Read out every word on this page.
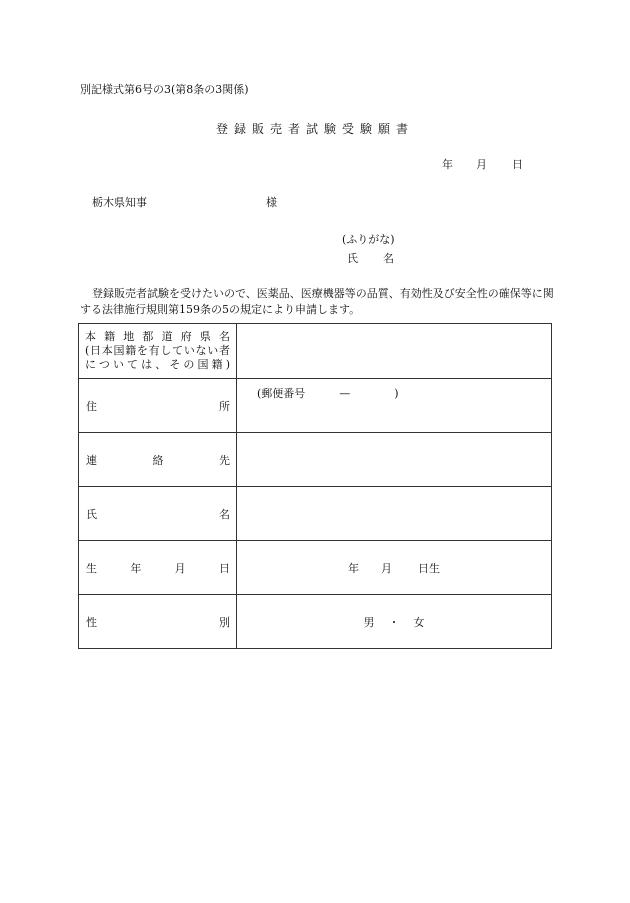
別記様式第6号の3(第8条の3関係)
登録販売者試験受験願書
年 月 日
栃木県知事	様
(ふりがな)
氏 名
登録販売者試験を受けたいので、医薬品、医療機器等の品質、有効性及び安全性の確保等に関する法律施行規則第159条の5の規定により申請します。
本籍地都道府県名
(日本国籍を有していない者
については、その国籍)	

住 所	(郵便番号 — )

連 絡 先	

氏 名	

生 年 月 日	年 月 日生

性 別	男 ・ 女
